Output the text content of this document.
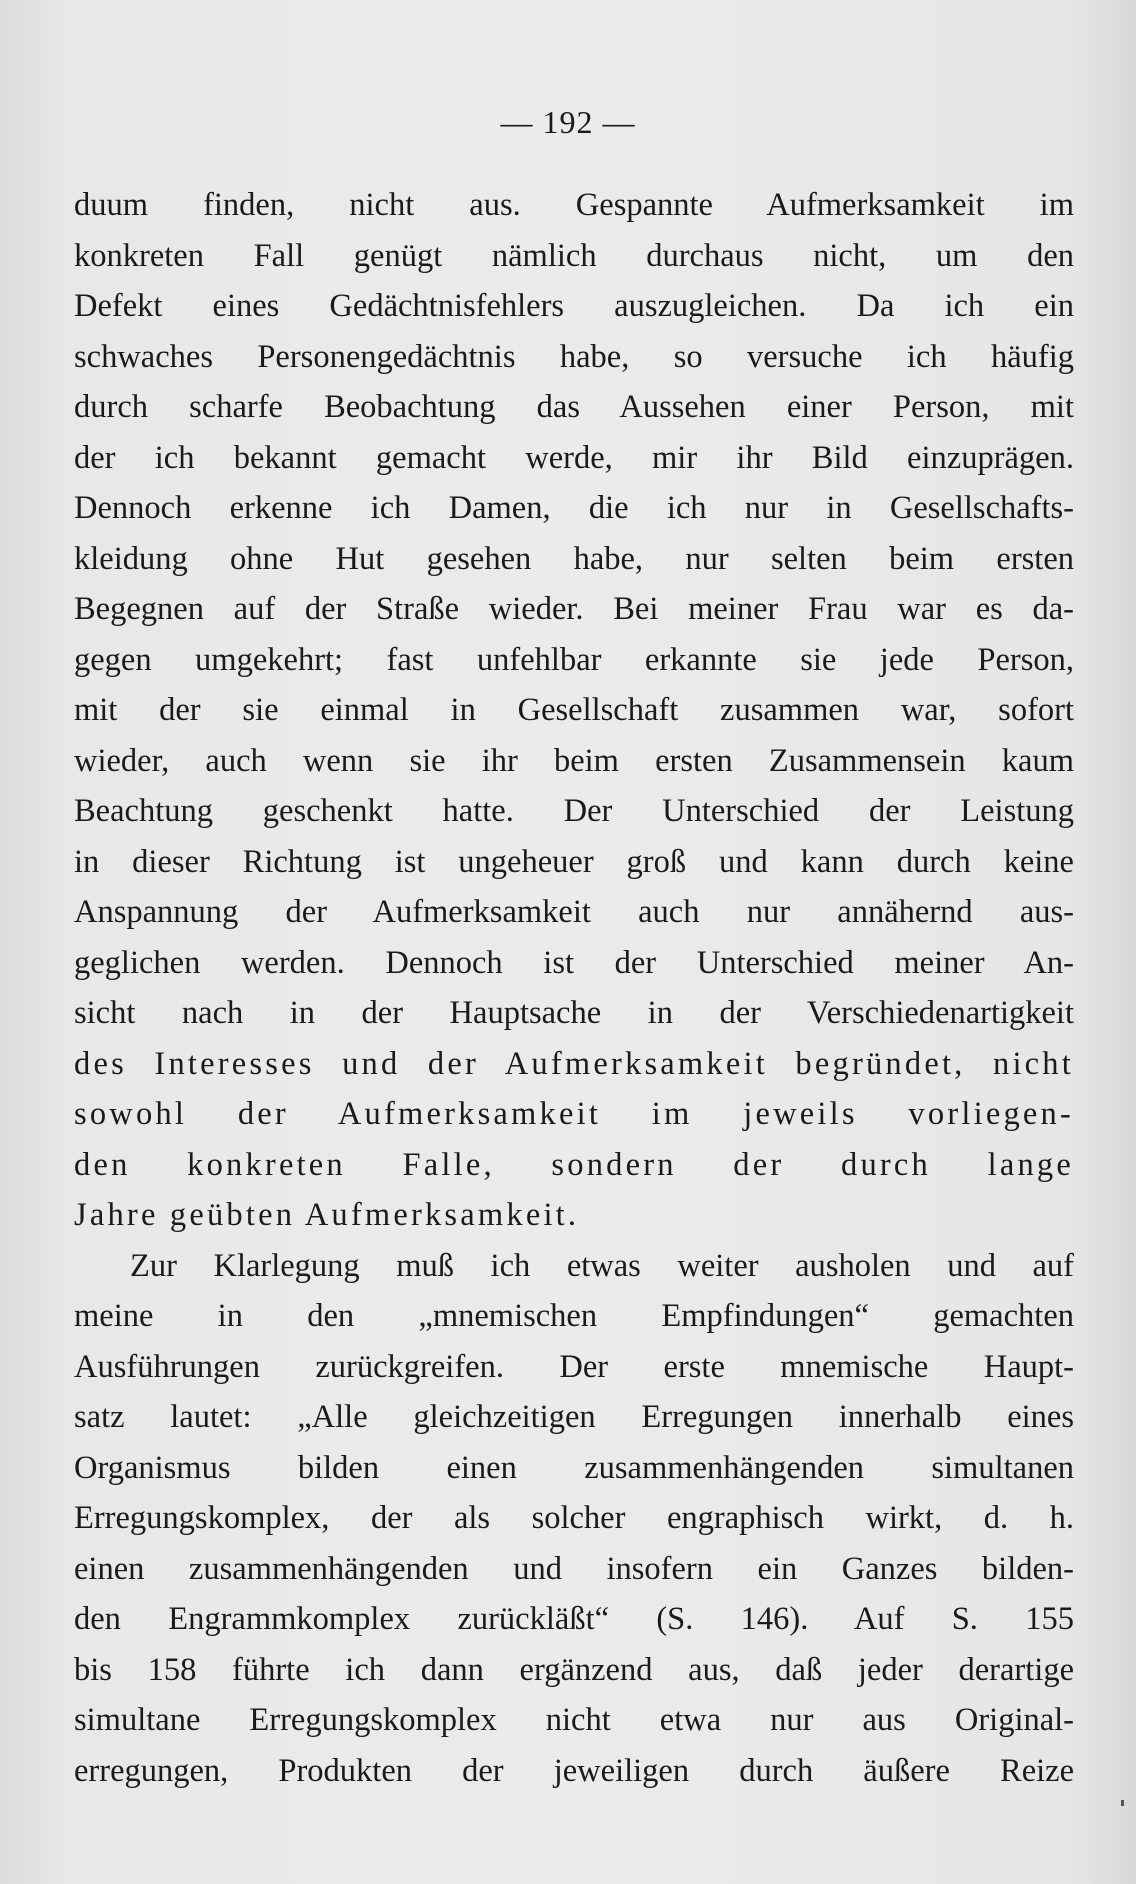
— 192 —
duum finden, nicht aus. Gespannte Aufmerksamkeit im
konkreten Fall genügt nämlich durchaus nicht, um den
Defekt eines Gedächtnisfehlers auszugleichen. Da ich ein
schwaches Personengedächtnis habe, so versuche ich häufig
durch scharfe Beobachtung das Aussehen einer Person, mit
der ich bekannt gemacht werde, mir ihr Bild einzuprägen.
Dennoch erkenne ich Damen, die ich nur in Gesellschafts-
kleidung ohne Hut gesehen habe, nur selten beim ersten
Begegnen auf der Straße wieder. Bei meiner Frau war es da-
gegen umgekehrt; fast unfehlbar erkannte sie jede Person,
mit der sie einmal in Gesellschaft zusammen war, sofort
wieder, auch wenn sie ihr beim ersten Zusammensein kaum
Beachtung geschenkt hatte. Der Unterschied der Leistung
in dieser Richtung ist ungeheuer groß und kann durch keine
Anspannung der Aufmerksamkeit auch nur annähernd aus-
geglichen werden. Dennoch ist der Unterschied meiner An-
sicht nach in der Hauptsache in der Verschiedenartigkeit
des Interesses und der Aufmerksamkeit begründet, nicht
sowohl der Aufmerksamkeit im jeweils vorliegen-
den konkreten Falle, sondern der durch lange
Jahre geübten Aufmerksamkeit.
Zur Klarlegung muß ich etwas weiter ausholen und auf
meine in den „mnemischen Empfindungen“ gemachten
Ausführungen zurückgreifen. Der erste mnemische Haupt-
satz lautet: „Alle gleichzeitigen Erregungen innerhalb eines
Organismus bilden einen zusammenhängenden simultanen
Erregungskomplex, der als solcher engraphisch wirkt, d. h.
einen zusammenhängenden und insofern ein Ganzes bilden-
den Engrammkomplex zurückläßt“ (S. 146). Auf S. 155
bis 158 führte ich dann ergänzend aus, daß jeder derartige
simultane Erregungskomplex nicht etwa nur aus Original-
erregungen, Produkten der jeweiligen durch äußere Reize
